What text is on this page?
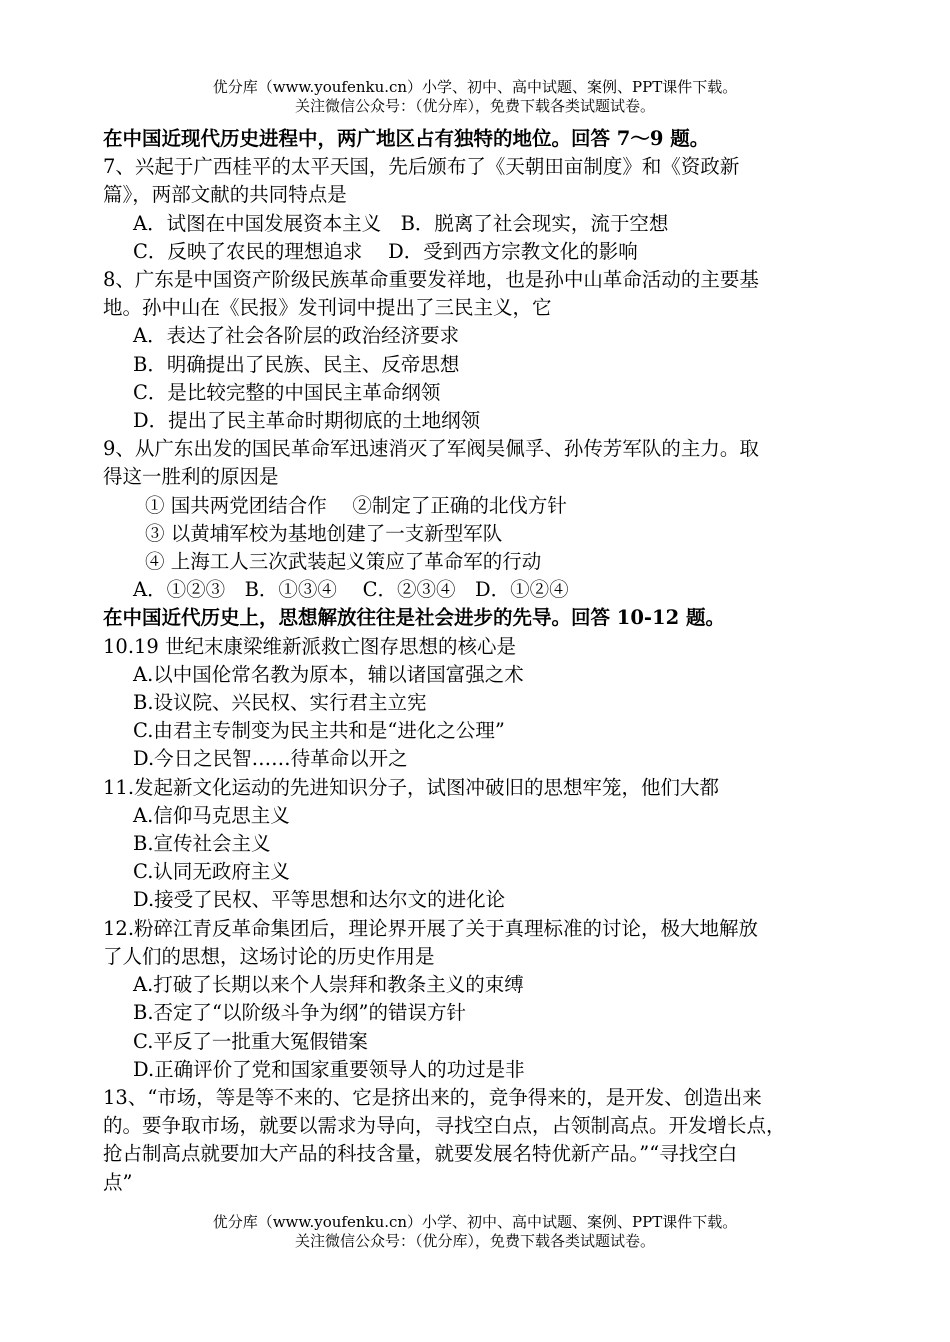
优分库（www.youfenku.cn）小学、初中、高中试题、案例、PPT课件下载。
关注微信公众号：（优分库），免费下载各类试题试卷。

在中国近现代历史进程中，两广地区占有独特的地位。回答 7～9 题。

7、兴起于广西桂平的太平天国，先后颁布了《天朝田亩制度》和《资政新

篇》，两部文献的共同特点是

A．试图在中国发展资本主义　B．脱离了社会现实，流于空想

C．反映了农民的理想追求　 D．受到西方宗教文化的影响

8、广东是中国资产阶级民族革命重要发祥地，也是孙中山革命活动的主要基

地。孙中山在《民报》发刊词中提出了三民主义，它

A．表达了社会各阶层的政治经济要求

B．明确提出了民族、民主、反帝思想

C．是比较完整的中国民主革命纲领

D．提出了民主革命时期彻底的土地纲领

9、从广东出发的国民革命军迅速消灭了军阀吴佩孚、孙传芳军队的主力。取

得这一胜利的原因是

① 国共两党团结合作　 ②制定了正确的北伐方针

③ 以黄埔军校为基地创建了一支新型军队

④ 上海工人三次武装起义策应了革命军的行动

A．①②③　B．①③④　 C．②③④　D．①②④

在中国近代历史上，思想解放往往是社会进步的先导。回答 10-12 题。

10.19 世纪末康梁维新派救亡图存思想的核心是

A.以中国伦常名教为原本，辅以诸国富强之术

B.设议院、兴民权、实行君主立宪

C.由君主专制变为民主共和是“进化之公理”

D.今日之民智……待革命以开之

11.发起新文化运动的先进知识分子，试图冲破旧的思想牢笼，他们大都

A.信仰马克思主义

B.宣传社会主义

C.认同无政府主义

D.接受了民权、平等思想和达尔文的进化论

12.粉碎江青反革命集团后，理论界开展了关于真理标准的讨论，极大地解放

了人们的思想，这场讨论的历史作用是

A.打破了长期以来个人崇拜和教条主义的束缚

B.否定了“以阶级斗争为纲”的错误方针

C.平反了一批重大冤假错案

D.正确评价了党和国家重要领导人的功过是非

13、“市场，等是等不来的、它是挤出来的，竞争得来的，是开发、创造出来

的。要争取市场，就要以需求为导向，寻找空白点，占领制高点。开发增长点，

抢占制高点就要加大产品的科技含量，就要发展名特优新产品。”“寻找空白

点”

优分库（www.youfenku.cn）小学、初中、高中试题、案例、PPT课件下载。
关注微信公众号：（优分库），免费下载各类试题试卷。
